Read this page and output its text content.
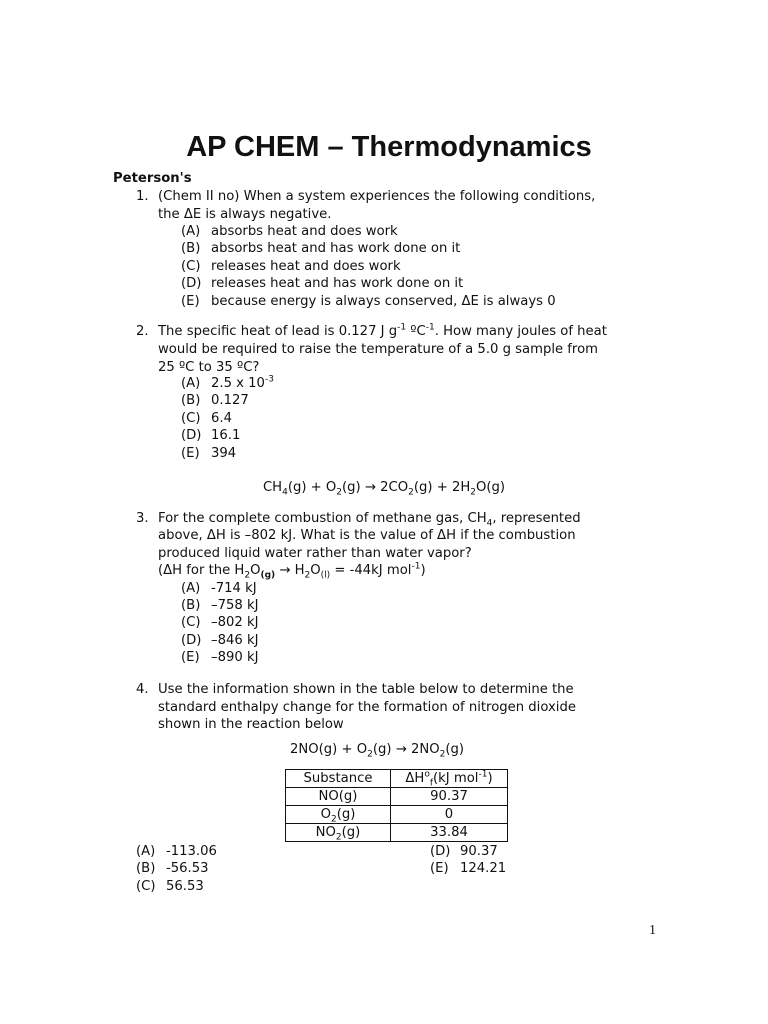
AP CHEM – Thermodynamics
Peterson's
1. (Chem II no) When a system experiences the following conditions,
the ΔE is always negative.
(A) absorbs heat and does work
(B) absorbs heat and has work done on it
(C) releases heat and does work
(D) releases heat and has work done on it
(E) because energy is always conserved, ΔE is always 0
2. The specific heat of lead is 0.127 J $g^{-1}$ ºC$^{-1}$. How many joules of heat
would be required to raise the temperature of a 5.0 g sample from
25 ºC to 35 ºC?
(A) 2.5 x $10^{-3}$
(B) 0.127
(C) 6.4
(D) 16.1
(E) 394
$CH_4(g) + O_2(g) \to 2CO_2(g) + 2H_2O(g)$
3. For the complete combustion of methane gas, $CH_4$, represented
above, ΔH is –802 kJ. What is the value of ΔH if the combustion
produced liquid water rather than water vapor?
(ΔH for the $H_2O_{(g)} \to H_2O_{(l)} = -44kJ$ mol$^{-1}$)
(A) -714 kJ
(B) –758 kJ
(C) –802 kJ
(D) –846 kJ
(E) –890 kJ
4. Use the information shown in the table below to determine the
standard enthalpy change for the formation of nitrogen dioxide
shown in the reaction below
$2NO(g) + O_2(g) \to 2NO_2(g)$
Substance	$\Delta H^o_f(kJ$ mol$^{-1}$)
NO(g)	90.37
$O_2(g)$	0
$NO_2(g)$	33.84
(A) -113.06
(B) -56.53
(C) 56.53
(D) 90.37
(E) 124.21
1
